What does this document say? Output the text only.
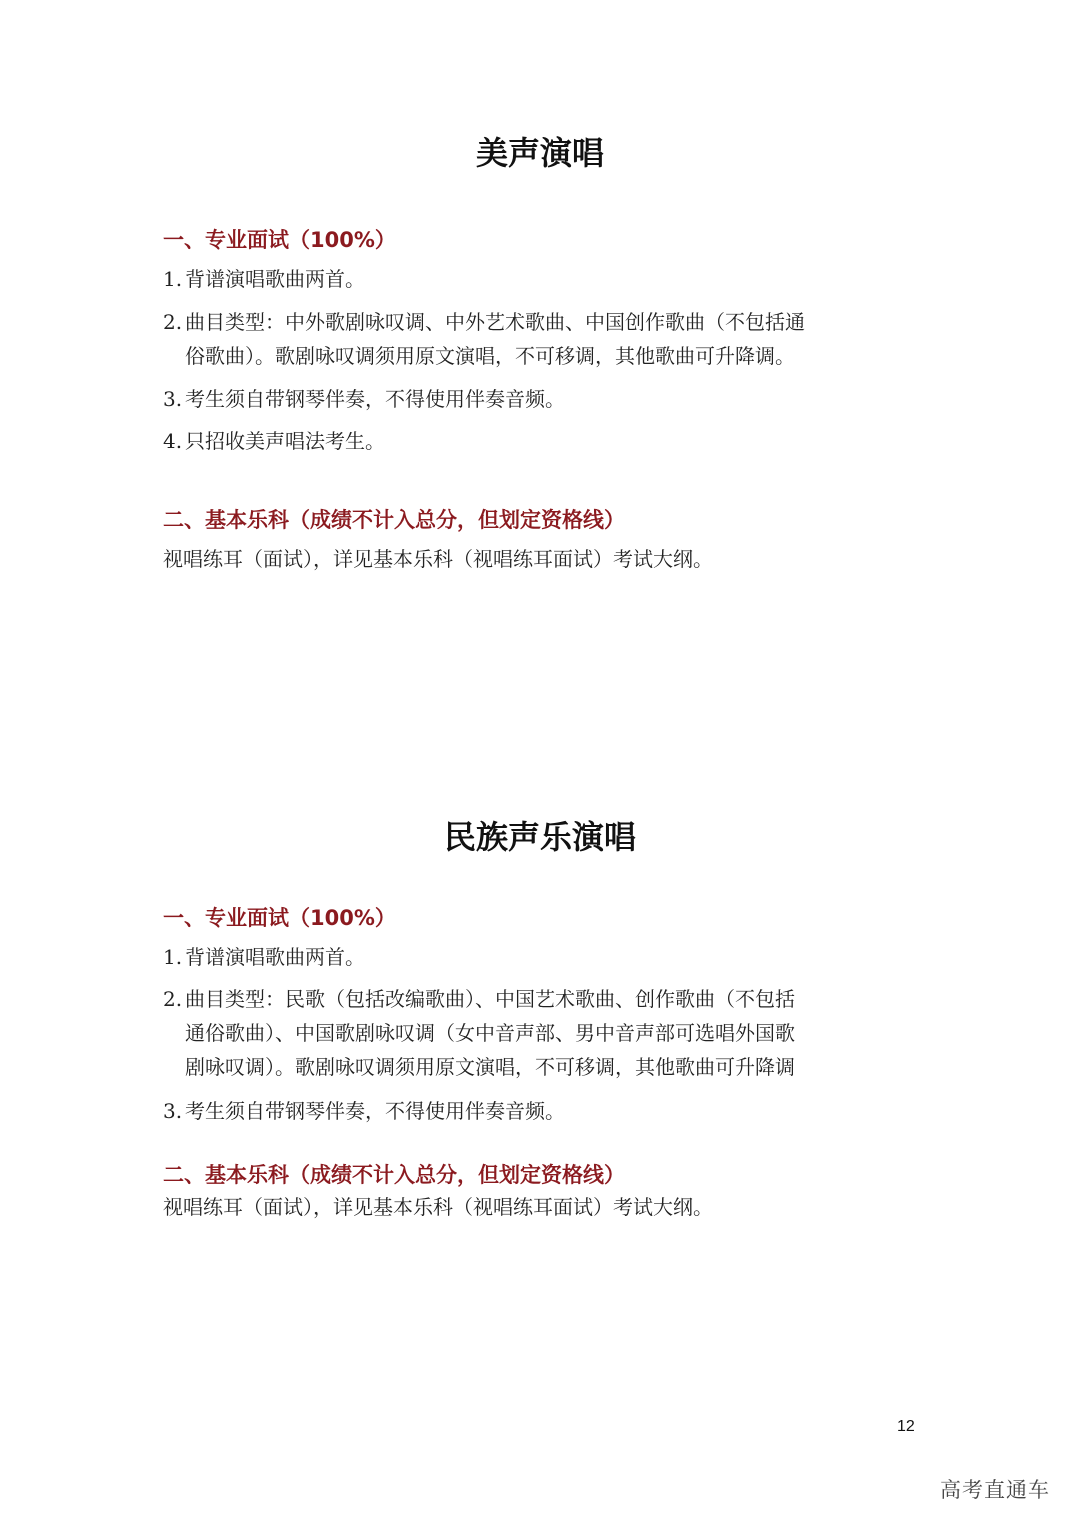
美声演唱
一、专业面试（100%）
1. 背谱演唱歌曲两首。
2. 曲目类型：中外歌剧咏叹调、中外艺术歌曲、中国创作歌曲（不包括通
俗歌曲）。歌剧咏叹调须用原文演唱，不可移调，其他歌曲可升降调。
3. 考生须自带钢琴伴奏，不得使用伴奏音频。
4. 只招收美声唱法考生。
二、基本乐科（成绩不计入总分，但划定资格线）

视唱练耳（面试），详见基本乐科（视唱练耳面试）考试大纲。

民族声乐演唱
一、专业面试（100%）
1. 背谱演唱歌曲两首。
2. 曲目类型：民歌（包括改编歌曲）、中国艺术歌曲、创作歌曲（不包括
通俗歌曲）、中国歌剧咏叹调（女中音声部、男中音声部可选唱外国歌
剧咏叹调）。歌剧咏叹调须用原文演唱，不可移调，其他歌曲可升降调
3. 考生须自带钢琴伴奏，不得使用伴奏音频。
二、基本乐科（成绩不计入总分，但划定资格线）

视唱练耳（面试），详见基本乐科（视唱练耳面试）考试大纲。

12
高考直通车
